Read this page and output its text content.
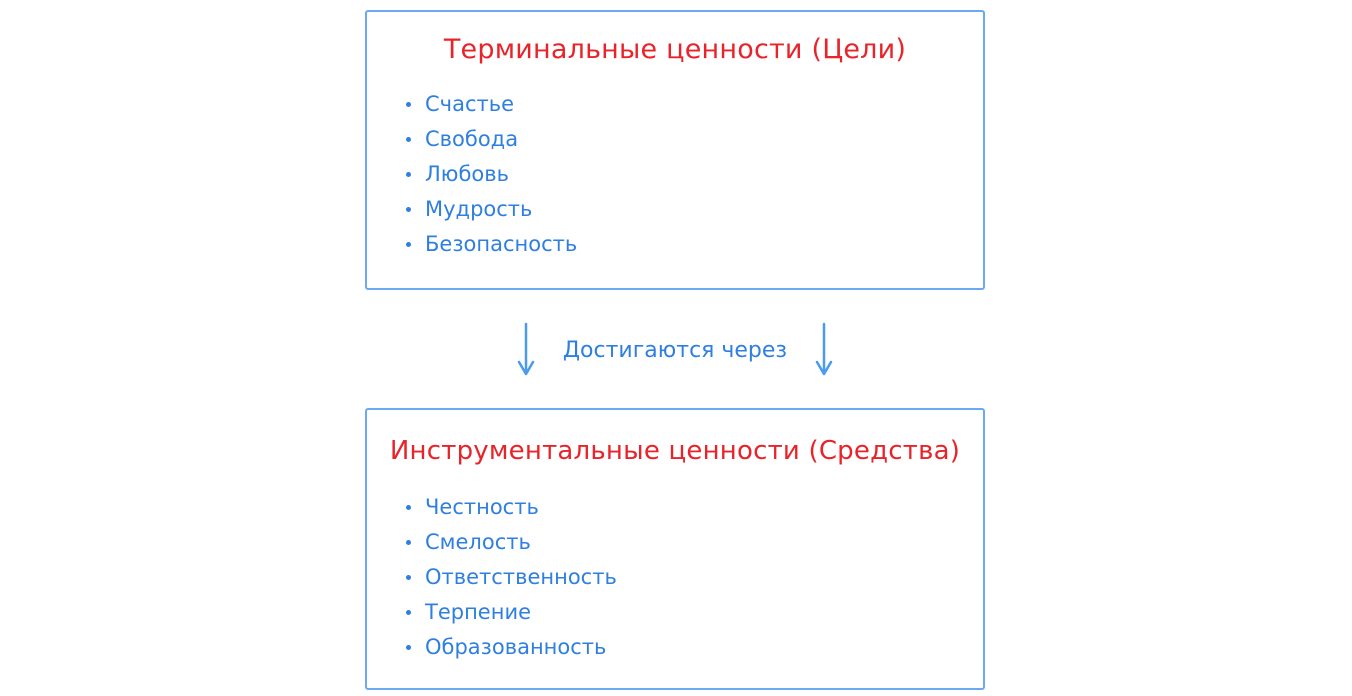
Терминальные ценности (Цели)
Счастье
Свобода
Любовь
Мудрость
Безопасность
Достигаются через
Инструментальные ценности (Средства)
Честность
Смелость
Ответственность
Терпение
Образованность
